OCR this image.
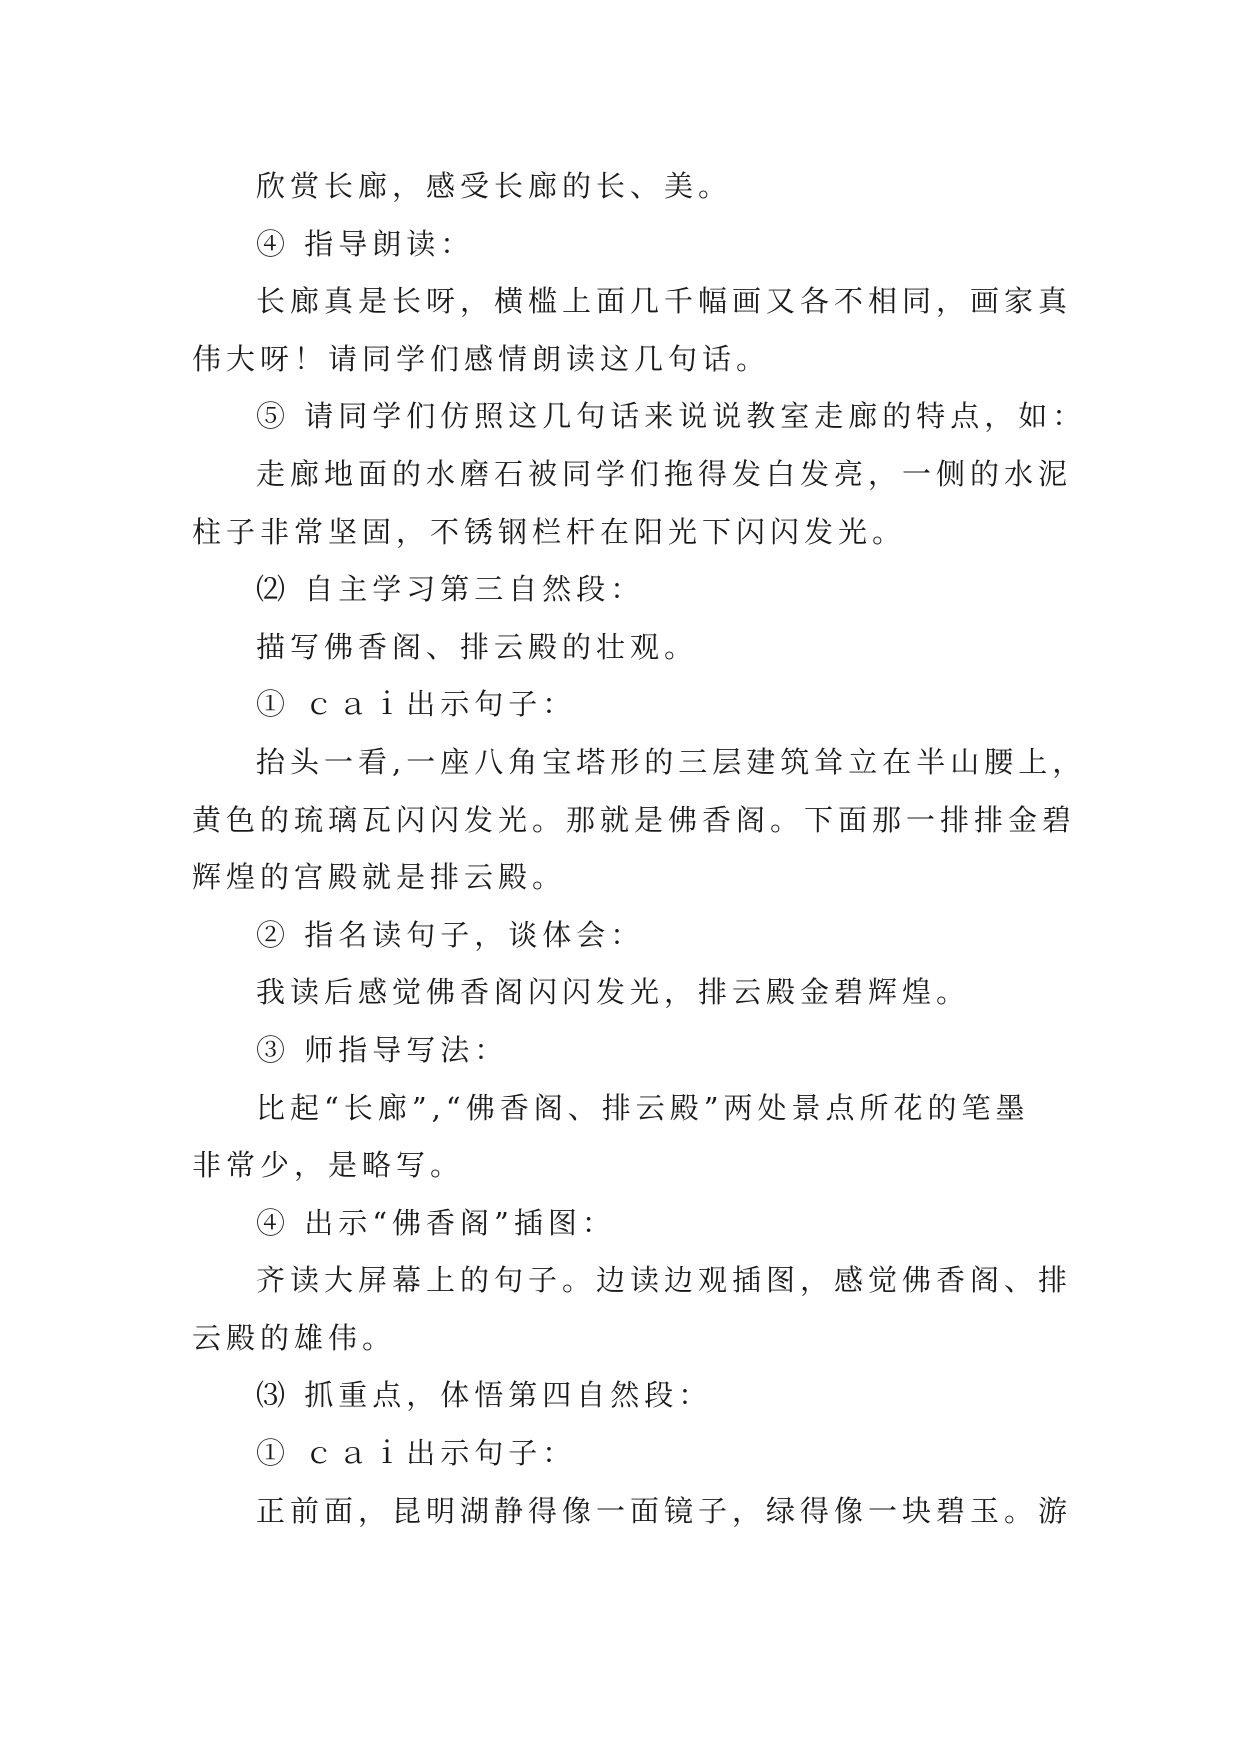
欣赏长廊，感受长廊的长、美。
④ 指导朗读：
长廊真是长呀，横槛上面几千幅画又各不相同，画家真
伟大呀！请同学们感情朗读这几句话。
⑤ 请同学们仿照这几句话来说说教室走廊的特点，如：
走廊地面的水磨石被同学们拖得发白发亮，一侧的水泥
柱子非常坚固，不锈钢栏杆在阳光下闪闪发光。
⑵ 自主学习第三自然段：
描写佛香阁、排云殿的壮观。
① ｃａｉ出示句子：
抬头一看,一座八角宝塔形的三层建筑耸立在半山腰上，
黄色的琉璃瓦闪闪发光。那就是佛香阁。下面那一排排金碧
辉煌的宫殿就是排云殿。
② 指名读句子，谈体会：
我读后感觉佛香阁闪闪发光，排云殿金碧辉煌。
③ 师指导写法：
比起“长廊”,“佛香阁、排云殿”两处景点所花的笔墨
非常少，是略写。
④ 出示“佛香阁”插图：
齐读大屏幕上的句子。边读边观插图，感觉佛香阁、排
云殿的雄伟。
⑶ 抓重点，体悟第四自然段：
① ｃａｉ出示句子：
正前面，昆明湖静得像一面镜子，绿得像一块碧玉。游
